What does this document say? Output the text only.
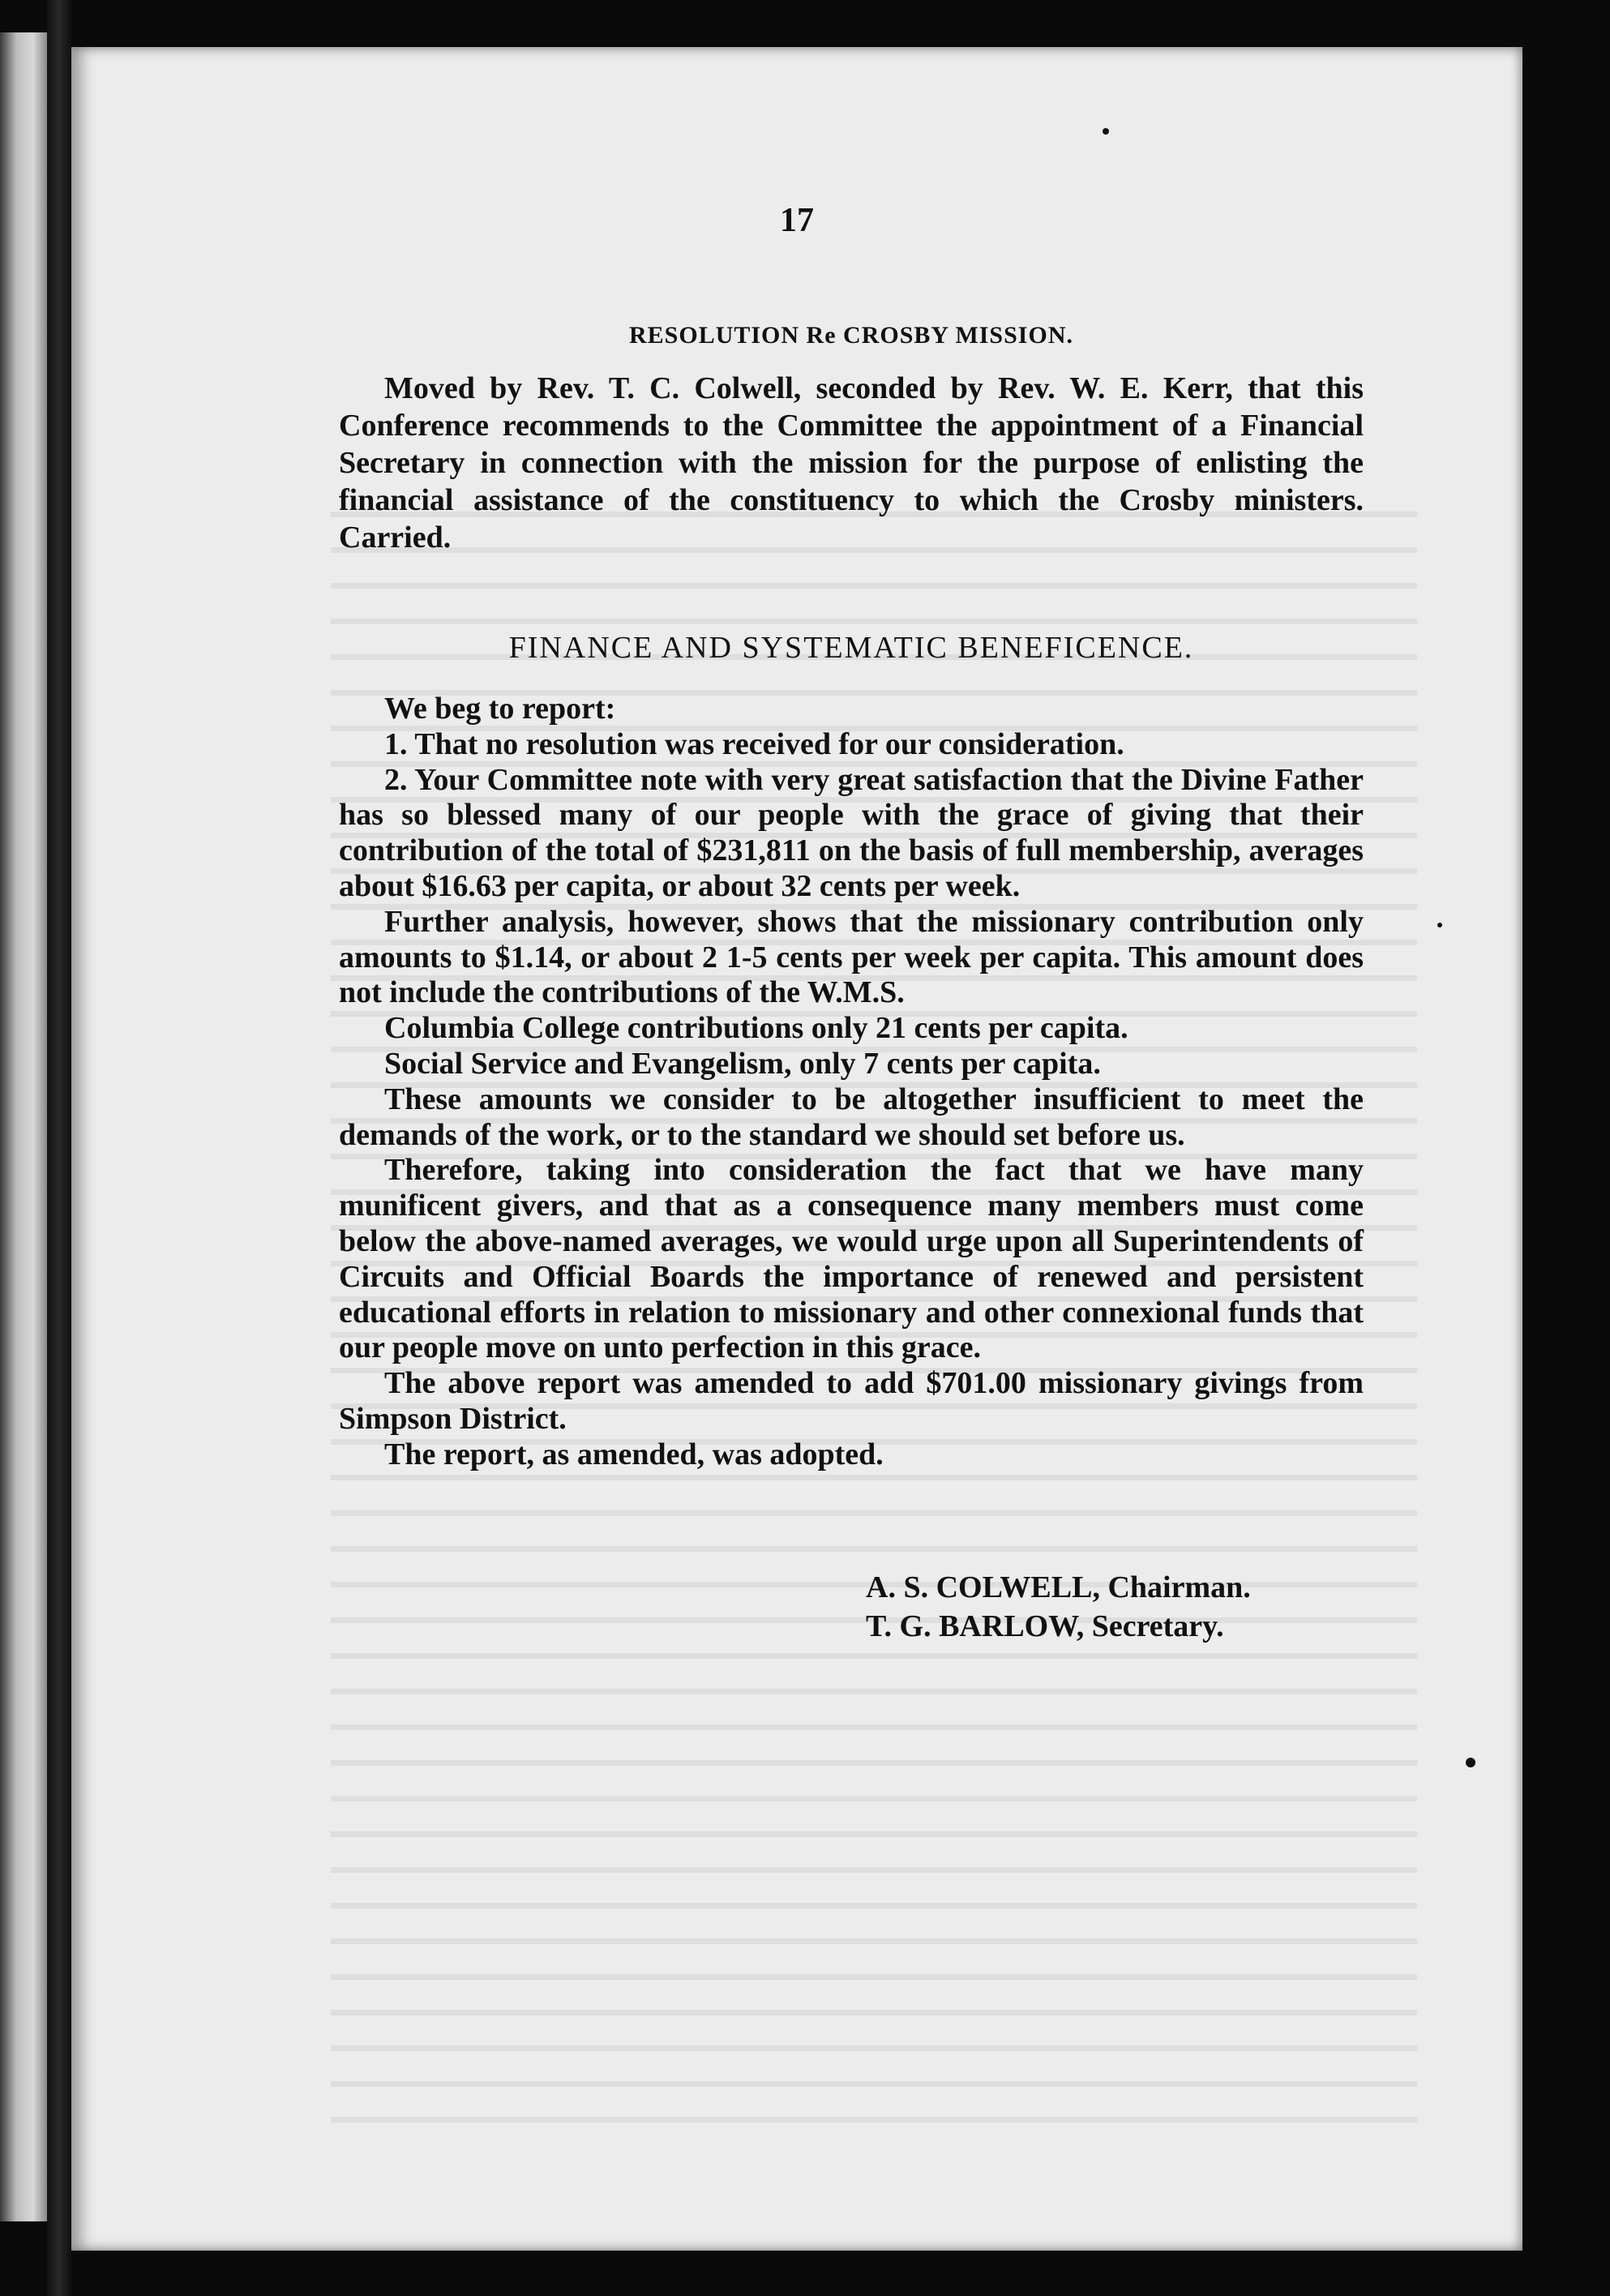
17
RESOLUTION Re CROSBY MISSION.
Moved by Rev. T. C. Colwell, seconded by Rev. W. E. Kerr, that this Conference recommends to the Committee the appointment of a Financial Secretary in connection with the mission for the purpose of enlisting the financial assistance of the constituency to which the Crosby ministers. Carried.
FINANCE AND SYSTEMATIC BENEFICENCE.

We beg to report:

1. That no resolution was received for our consideration.

2. Your Committee note with very great satisfaction that the Divine Father has so blessed many of our people with the grace of giving that their contribution of the total of $231,811 on the basis of full membership, averages about $16.63 per capita, or about 32 cents per week.

Further analysis, however, shows that the missionary contribution only amounts to $1.14, or about 2 1-5 cents per week per capita. This amount does not include the contributions of the W.M.S.

Columbia College contributions only 21 cents per capita.

Social Service and Evangelism, only 7 cents per capita.

These amounts we consider to be altogether insufficient to meet the demands of the work, or to the standard we should set before us.

Therefore, taking into consideration the fact that we have many munificent givers, and that as a consequence many members must come below the above-named averages, we would urge upon all Superintendents of Circuits and Official Boards the importance of renewed and persistent educational efforts in relation to missionary and other connexional funds that our people move on unto perfection in this grace.

The above report was amended to add $701.00 missionary givings from Simpson District.

The report, as amended, was adopted.

A. S. COLWELL, Chairman.
T. G. BARLOW, Secretary.
